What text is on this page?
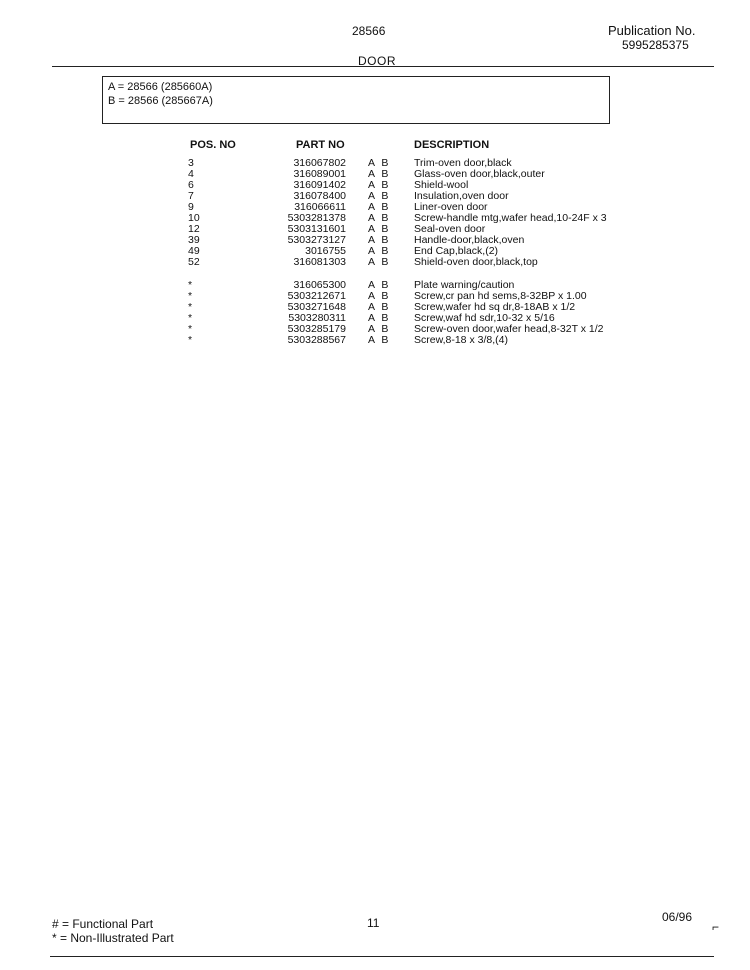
28566	Publication No.
5995285375
DOOR
A = 28566 (285660A)
B = 28566 (285667A)
POS. NO	PART NO	DESCRIPTION
3	316067802 A B Trim-oven door,black
4	316089001 A B Glass-oven door,black,outer
6	316091402 A B Shield-wool
7	316078400 A B Insulation,oven door
9	316066611 A B Liner-oven door
10	5303281378 A B Screw-handle mtg,wafer head,10-24F x 3
12	5303131601 A B Seal-oven door
39	5303273127 A B Handle-door,black,oven
49	3016755 A B End Cap,black,(2)
52	316081303 A B Shield-oven door,black,top
*	316065300 A B Plate warning/caution
*	5303212671 A B Screw,cr pan hd sems,8-32BP x 1.00
*	5303271648 A B Screw,wafer hd sq dr,8-18AB x 1/2
*	5303280311 A B Screw,waf hd sdr,10-32 x 5/16
*	5303285179 A B Screw-oven door,wafer head,8-32T x 1/2
*	5303288567 A B Screw,8-18 x 3/8,(4)
# = Functional Part
* = Non-Illustrated Part
11	06/96
⌐
